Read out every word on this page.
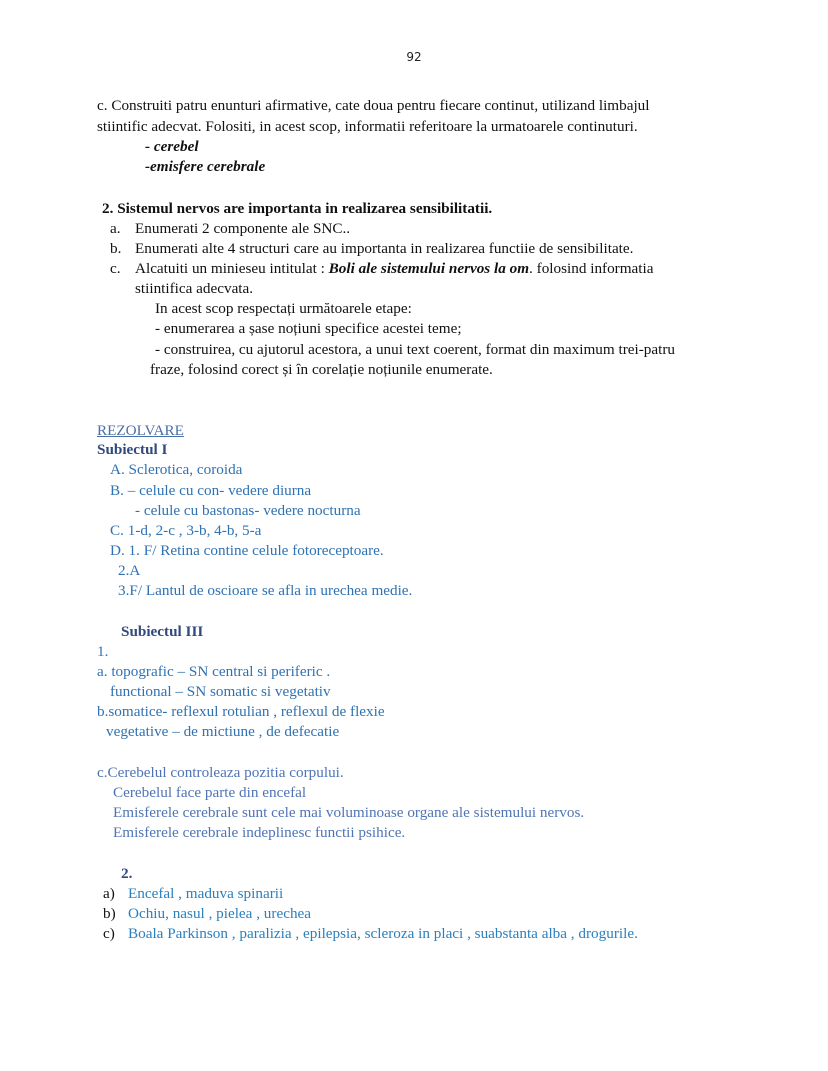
92
c. Construiti patru enunturi afirmative, cate doua pentru fiecare continut, utilizand limbajul
stiintific adecvat. Folositi, in acest scop, informatii referitoare la urmatoarele continuturi.
- cerebel
-emisfere cerebrale
2. Sistemul nervos are importanta in realizarea sensibilitatii.
a. Enumerati 2 componente ale SNC..
b. Enumerati alte 4 structuri care au importanta in realizarea functiie de sensibilitate.
c. Alcatuiti un minieseu intitulat : Boli ale sistemului nervos la om. folosind informatia
stiintifica adecvata.
In acest scop respectați următoarele etape:
- enumerarea a șase noțiuni specifice acestei teme;
- construirea, cu ajutorul acestora, a unui text coerent, format din maximum trei-patru
fraze, folosind corect și în corelație noțiunile enumerate.
REZOLVARE
Subiectul I
A. Sclerotica, coroida
B. – celule cu con- vedere diurna
- celule cu bastonas- vedere nocturna
C. 1-d, 2-c , 3-b, 4-b, 5-a
D. 1. F/ Retina contine celule fotoreceptoare.
2.A
3.F/ Lantul de oscioare se afla in urechea medie.
Subiectul III
1.
a. topografic – SN central si periferic .
functional – SN somatic si vegetativ
b.somatice- reflexul rotulian , reflexul de flexie
vegetative – de mictiune , de defecatie
c.Cerebelul controleaza pozitia corpului.
Cerebelul face parte din encefal
Emisferele cerebrale sunt cele mai voluminoase organe ale sistemului nervos.
Emisferele cerebrale indeplinesc functii psihice.
2.
a) Encefal , maduva spinarii
b) Ochiu, nasul , pielea , urechea
c) Boala Parkinson , paralizia , epilepsia, scleroza in placi , suabstanta alba , drogurile.
